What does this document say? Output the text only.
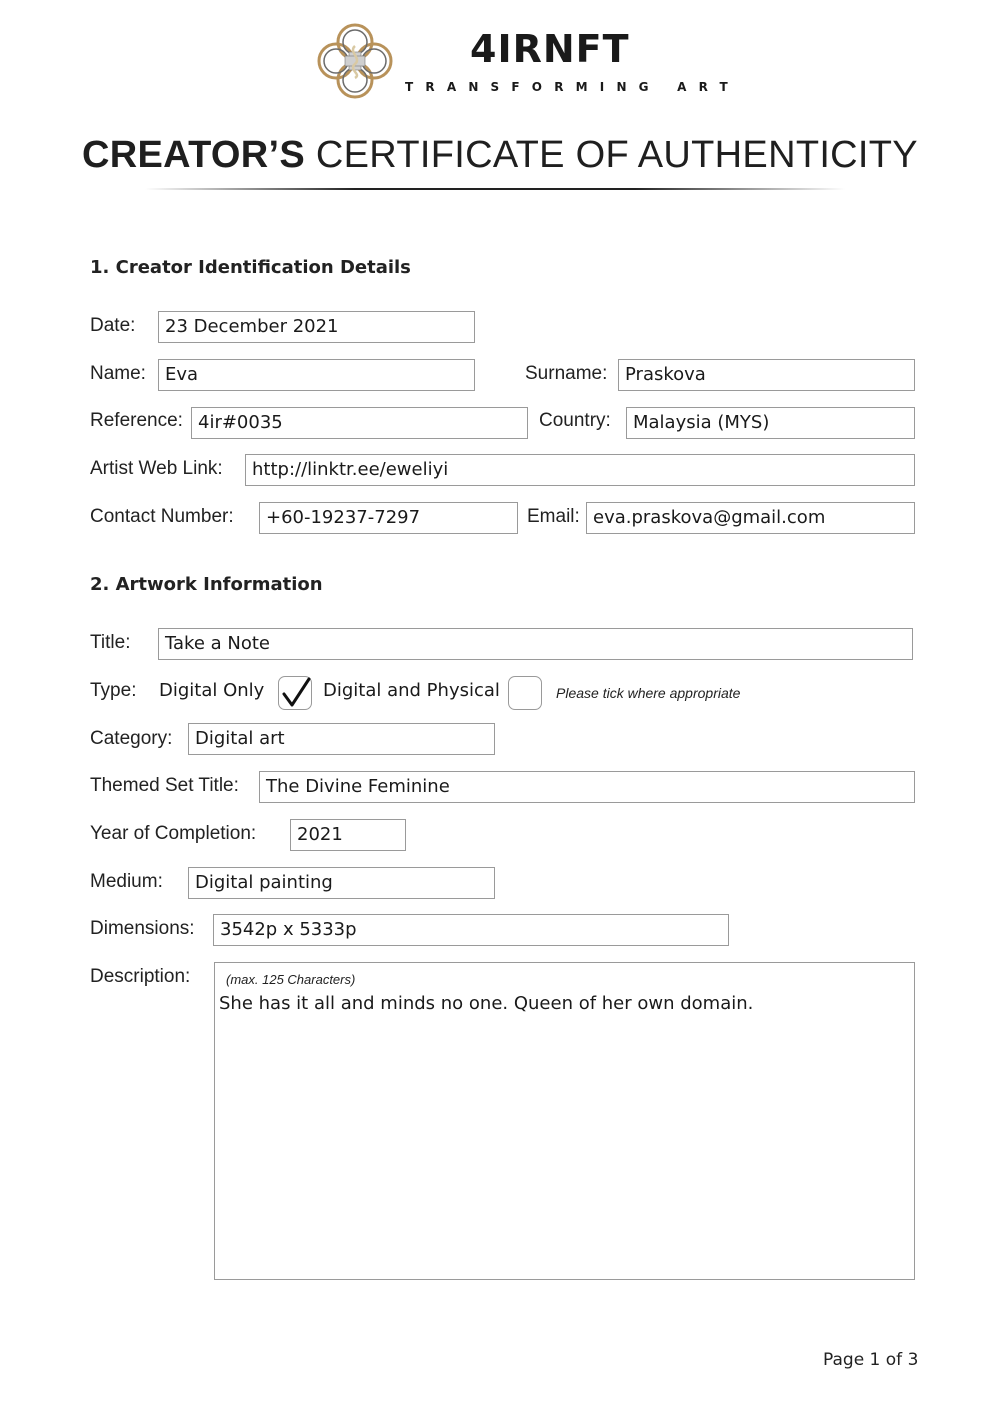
4IRNFT
TRANSFORMING ART
CREATOR’S CERTIFICATE OF AUTHENTICITY
1. Creator Identification Details
Date:	23 December 2021
Name:	Eva	Surname: Praskova
Reference: 4ir#0035	Country:	Malaysia (MYS)
Artist Web Link:	http://linktr.ee/eweliyi
Contact Number:	+60-19237-7297	Email: eva.praskova@gmail.com
2. Artwork Information
Title:	Take a Note
Type: Digital Only	Digital and Physical	Please tick where appropriate
Category:	Digital art
Themed Set Title:	The Divine Feminine
Year of Completion:	2021
Medium:	Digital painting
Dimensions:	3542p x 5333p
Description:	(max. 125 Characters)
She has it all and minds no one. Queen of her own domain.
Page 1 of 3
